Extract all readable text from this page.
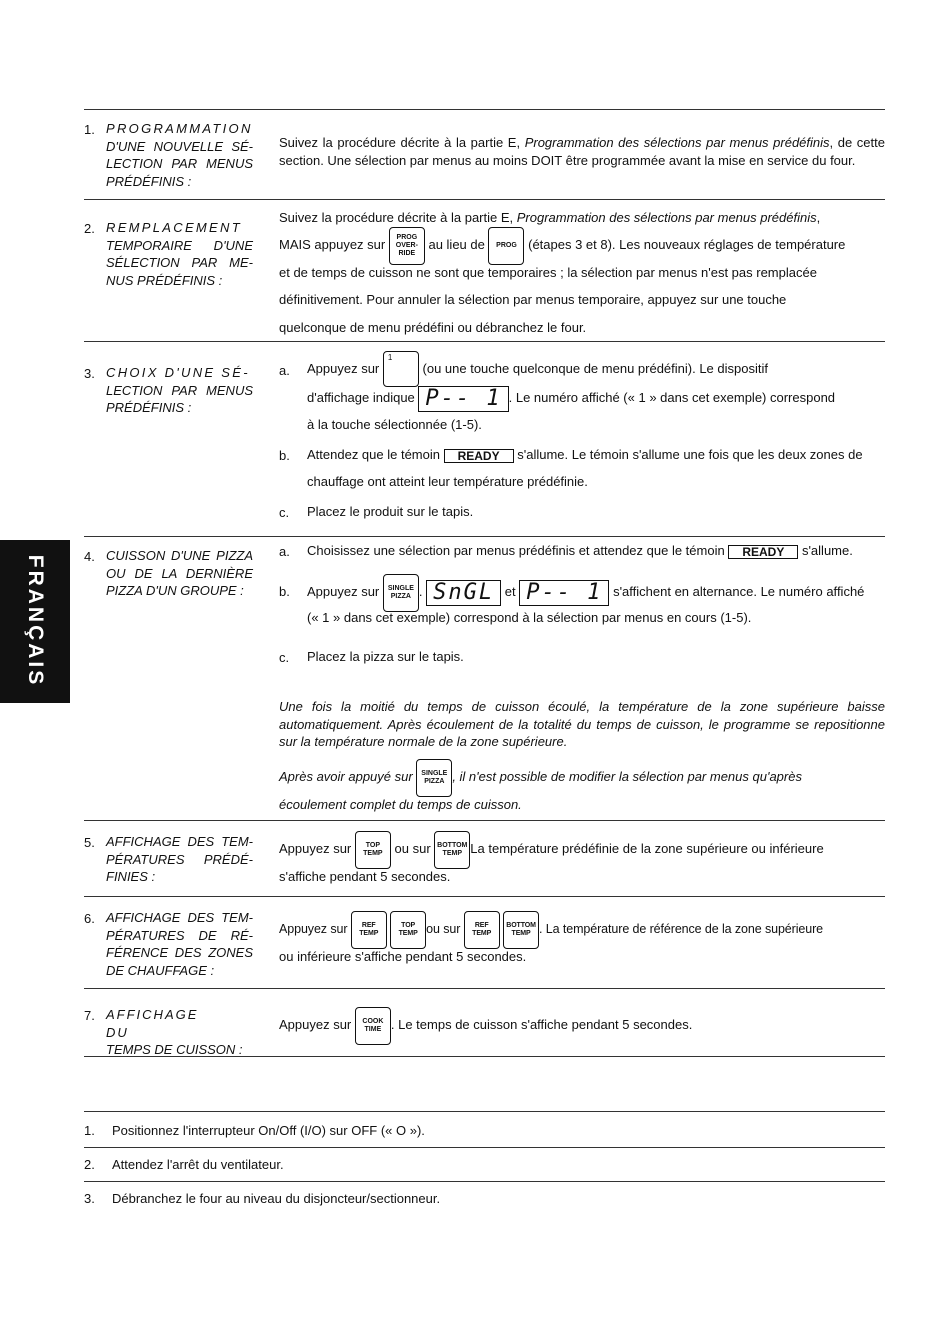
FRANÇAIS
1. PROGRAMMATION
D'UNE NOUVELLE SÉ-LECTION PAR MENUS PRÉDÉFINIS :
Suivez la procédure décrite à la partie E, Programmation des sélections par menus prédéfinis, de cette section. Une sélection par menus au moins DOIT être programmée avant la mise en service du four.
2. REMPLACEMENT
TEMPORAIRE D'UNE SÉLECTION PAR ME-NUS PRÉDÉFINIS :
Suivez la procédure décrite à la partie E, Programmation des sélections par menus prédéfinis,
MAIS appuyez sur	PROG
OVER-
RIDE
au lieu de	PROG (étapes 3 et 8). Les nouveaux réglages de température
et de temps de cuisson ne sont que temporaires ; la sélection par menus n'est pas remplacée
définitivement. Pour annuler la sélection par menus temporaire, appuyez sur une touche
quelconque de menu prédéfini ou débranchez le four.
3. CHOIX D'UNE SÉ-
LECTION PAR MENUS PRÉDÉFINIS :
a. Appuyez sur
1
(ou une touche quelconque de menu prédéfini). Le dispositif
d'affichage indique P-- 1 . Le numéro affiché (« 1 » dans cet exemple) correspond
à la touche sélectionnée (1-5).
b. Attendez que le témoin READY s'allume. Le témoin s'allume une fois que les deux zones de
chauffage ont atteint leur température prédéfinie.
c. Placez le produit sur le tapis.
4. CUISSON D'UNE PIZZA OU DE LA DERNIÈRE PIZZA D'UN GROUPE :
a. Choisissez une sélection par menus prédéfinis et attendez que le témoin READY s'allume.
b. Appuyez sur	SINGLE
PIZZA . SnGL et P-- 1 s'affichent en alternance. Le numéro affiché
(« 1 » dans cet exemple) correspond à la sélection par menus en cours (1-5).
c. Placez la pizza sur le tapis.
Une fois la moitié du temps de cuisson écoulé, la température de la zone supérieure baisse automatiquement. Après écoulement de la totalité du temps de cuisson, le programme se repositionne sur la température normale de la zone supérieure.
Après avoir appuyé sur	SINGLE
PIZZA , il n'est possible de modifier la sélection par menus qu'après
écoulement complet du temps de cuisson.
5. AFFICHAGE DES TEM-PÉRATURES PRÉDÉ-FINIES :
Appuyez sur	TOP
TEMP ou sur BOTTOM
TEMP La température prédéfinie de la zone supérieure ou inférieure
s'affiche pendant 5 secondes.
6. AFFICHAGE DES TEM-PÉRATURES DE RÉ-FÉRENCE DES ZONES DE CHAUFFAGE :
Appuyez sur	REF
TEMP

TOP
TEMP ou sur	REF
TEMP

BOTTOM
TEMP . La température de référence de la zone supérieure
ou inférieure s'affiche pendant 5 secondes.
7. AFFICHAGE DU
TEMPS DE CUISSON :
Appuyez sur	COOK
TIME . Le temps de cuisson s'affiche pendant 5 secondes.
1. Positionnez l'interrupteur On/Off (I/O) sur OFF (« O »).
2. Attendez l'arrêt du ventilateur.
3. Débranchez le four au niveau du disjoncteur/sectionneur.
